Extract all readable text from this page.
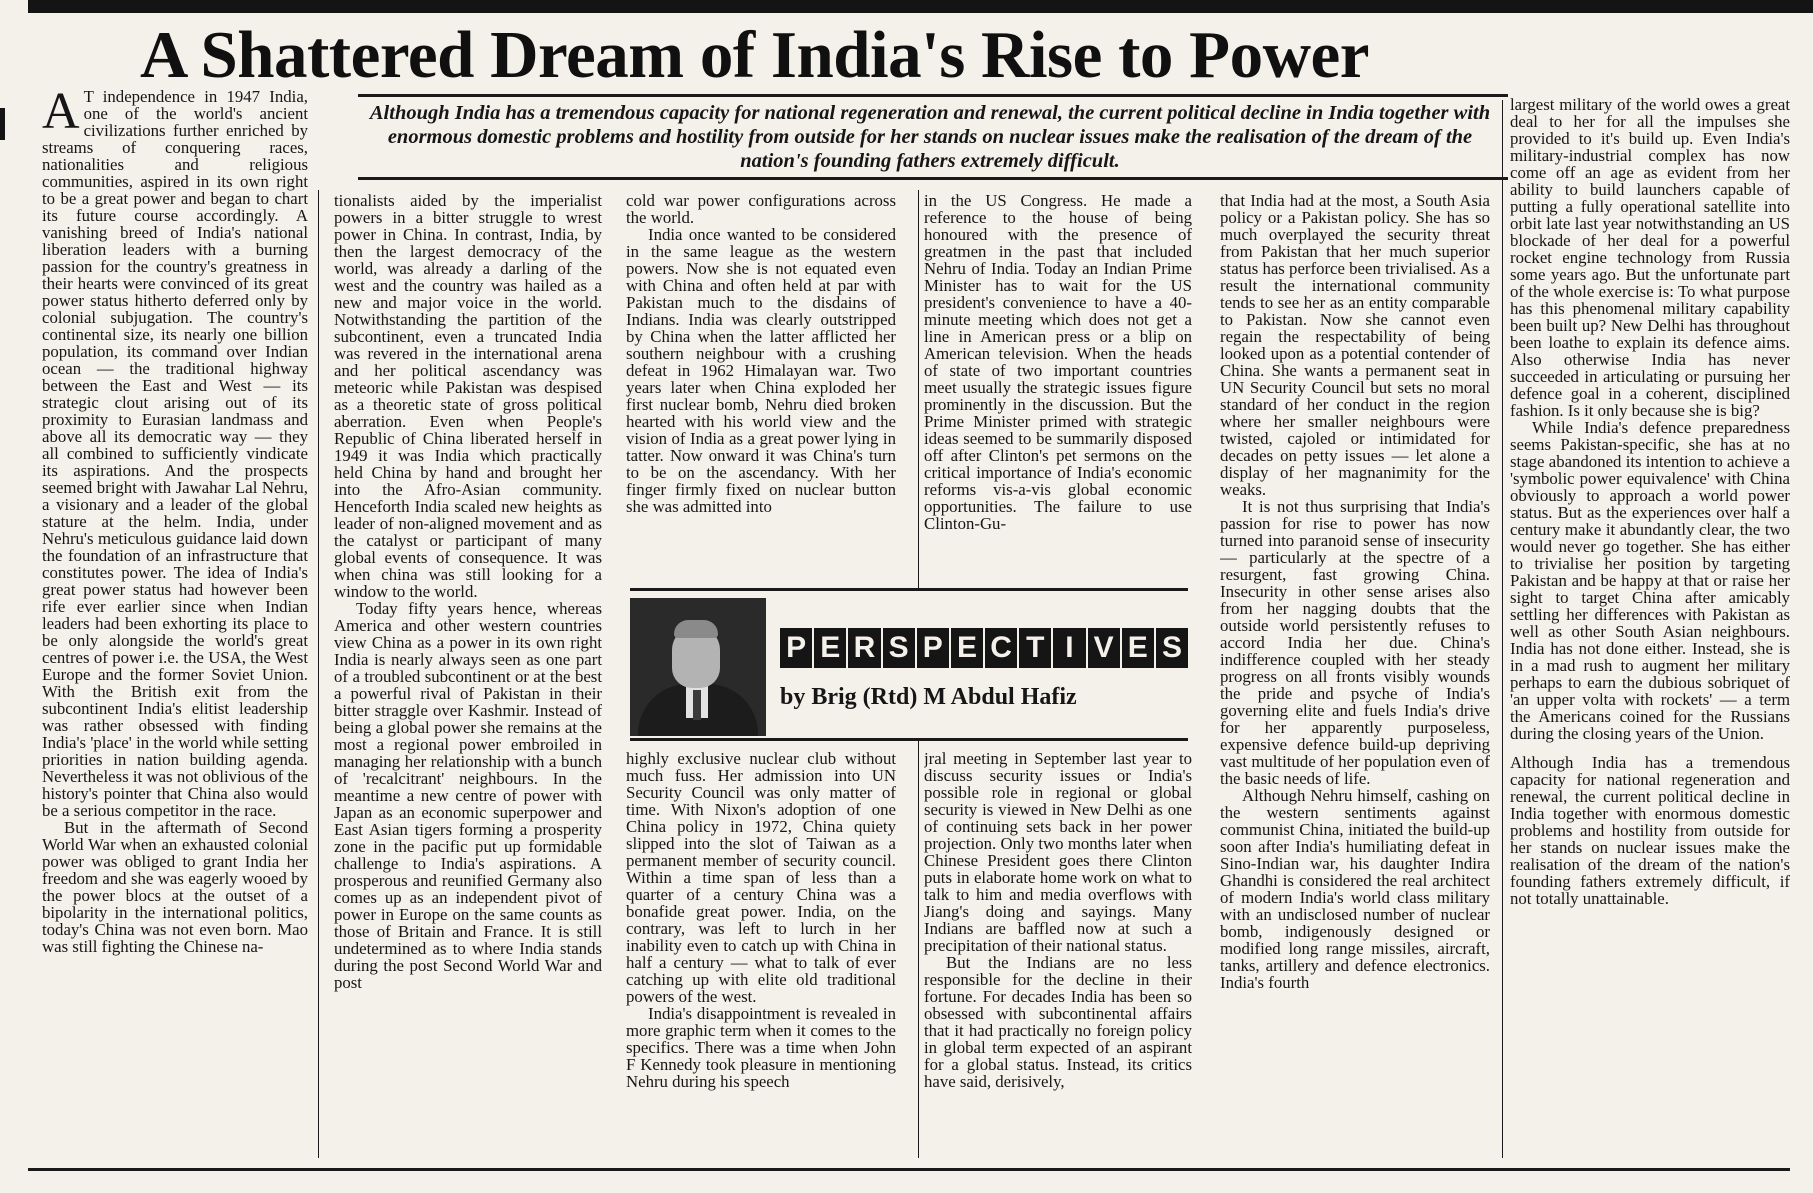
A Shattered Dream of India's Rise to Power

Although India has a tremendous capacity for national regeneration and renewal, the current political decline in India together with enormous domestic problems and hostility from outside for her stands on nuclear issues make the realisation of the dream of the nation's founding fathers extremely difficult.

A T independence in 1947 India, one of the world's ancient civilizations further enriched by streams of conquering races, nationalities and religious communities, aspired in its own right to be a great power and began to chart its future course accordingly. A vanishing breed of India's national liberation leaders with a burning passion for the country's greatness in their hearts were convinced of its great power status hitherto deferred only by colonial subjugation. The country's continental size, its nearly one billion population, its command over Indian ocean — the traditional highway between the East and West — its strategic clout arising out of its proximity to Eurasian landmass and above all its democratic way — they all combined to sufficiently vindicate its aspirations. And the prospects seemed bright with Jawahar Lal Nehru, a visionary and a leader of the global stature at the helm. India, under Nehru's meticulous guidance laid down the foundation of an infrastructure that constitutes power. The idea of India's great power status had however been rife ever earlier since when Indian leaders had been exhorting its place to be only alongside the world's great centres of power i.e. the USA, the West Europe and the former Soviet Union. With the British exit from the subcontinent India's elitist leadership was rather obsessed with finding India's 'place' in the world while setting priorities in nation building agenda. Nevertheless it was not oblivious of the history's pointer that China also would be a serious competitor in the race.

But in the aftermath of Second World War when an exhausted colonial power was obliged to grant India her freedom and she was eagerly wooed by the power blocs at the outset of a bipolarity in the international politics, today's China was not even born. Mao was still fighting the Chinese na-

tionalists aided by the imperialist powers in a bitter struggle to wrest power in China. In contrast, India, by then the largest democracy of the world, was already a darling of the west and the country was hailed as a new and major voice in the world. Notwithstanding the partition of the subcontinent, even a truncated India was revered in the international arena and her political ascendancy was meteoric while Pakistan was despised as a theoretic state of gross political aberration. Even when People's Republic of China liberated herself in 1949 it was India which practically held China by hand and brought her into the Afro-Asian community. Henceforth India scaled new heights as leader of non-aligned movement and as the catalyst or participant of many global events of consequence. It was when china was still looking for a window to the world.

Today fifty years hence, whereas America and other western countries view China as a power in its own right India is nearly always seen as one part of a troubled subcontinent or at the best a powerful rival of Pakistan in their bitter straggle over Kashmir. Instead of being a global power she remains at the most a regional power embroiled in managing her relationship with a bunch of 'recalcitrant' neighbours. In the meantime a new centre of power with Japan as an economic superpower and East Asian tigers forming a prosperity zone in the pacific put up formidable challenge to India's aspirations. A prosperous and reunified Germany also comes up as an independent pivot of power in Europe on the same counts as those of Britain and France. It is still undetermined as to where India stands during the post Second World War and post

cold war power configurations across the world.

India once wanted to be considered in the same league as the western powers. Now she is not equated even with China and often held at par with Pakistan much to the disdains of Indians. India was clearly outstripped by China when the latter afflicted her southern neighbour with a crushing defeat in 1962 Himalayan war. Two years later when China exploded her first nuclear bomb, Nehru died broken hearted with his world view and the vision of India as a great power lying in tatter. Now onward it was China's turn to be on the ascendancy. With her finger firmly fixed on nuclear button she was admitted into

in the US Congress. He made a reference to the house of being honoured with the presence of greatmen in the past that included Nehru of India. Today an Indian Prime Minister has to wait for the US president's convenience to have a 40-minute meeting which does not get a line in American press or a blip on American television. When the heads of state of two important countries meet usually the strategic issues figure prominently in the discussion. But the Prime Minister primed with strategic ideas seemed to be summarily disposed off after Clinton's pet sermons on the critical importance of India's economic reforms vis-a-vis global economic opportunities. The failure to use Clinton-Gu-

P E R S P E C T I V E S

by Brig (Rtd) M Abdul Hafiz

highly exclusive nuclear club without much fuss. Her admission into UN Security Council was only matter of time. With Nixon's adoption of one China policy in 1972, China quiety slipped into the slot of Taiwan as a permanent member of security council. Within a time span of less than a quarter of a century China was a bonafide great power. India, on the contrary, was left to lurch in her inability even to catch up with China in half a century — what to talk of ever catching up with elite old traditional powers of the west.

India's disappointment is revealed in more graphic term when it comes to the specifics. There was a time when John F Kennedy took pleasure in mentioning Nehru during his speech

jral meeting in September last year to discuss security issues or India's possible role in regional or global security is viewed in New Delhi as one of continuing sets back in her power projection. Only two months later when Chinese President goes there Clinton puts in elaborate home work on what to talk to him and media overflows with Jiang's doing and sayings. Many Indians are baffled now at such a precipitation of their national status.

But the Indians are no less responsible for the decline in their fortune. For decades India has been so obsessed with subcontinental affairs that it had practically no foreign policy in global term expected of an aspirant for a global status. Instead, its critics have said, derisively,

that India had at the most, a South Asia policy or a Pakistan policy. She has so much overplayed the security threat from Pakistan that her much superior status has perforce been trivialised. As a result the international community tends to see her as an entity comparable to Pakistan. Now she cannot even regain the respectability of being looked upon as a potential contender of China. She wants a permanent seat in UN Security Council but sets no moral standard of her conduct in the region where her smaller neighbours were twisted, cajoled or intimidated for decades on petty issues — let alone a display of her magnanimity for the weaks.

It is not thus surprising that India's passion for rise to power has now turned into paranoid sense of insecurity — particularly at the spectre of a resurgent, fast growing China. Insecurity in other sense arises also from her nagging doubts that the outside world persistently refuses to accord India her due. China's indifference coupled with her steady progress on all fronts visibly wounds the pride and psyche of India's governing elite and fuels India's drive for her apparently purposeless, expensive defence build-up depriving vast multitude of her population even of the basic needs of life.

Although Nehru himself, cashing on the western sentiments against communist China, initiated the build-up soon after India's humiliating defeat in Sino-Indian war, his daughter Indira Ghandhi is considered the real architect of modern India's world class military with an undisclosed number of nuclear bomb, indigenously designed or modified long range missiles, aircraft, tanks, artillery and defence electronics. India's fourth

largest military of the world owes a great deal to her for all the impulses she provided to it's build up. Even India's military-industrial complex has now come off an age as evident from her ability to build launchers capable of putting a fully operational satellite into orbit late last year notwithstanding an US blockade of her deal for a powerful rocket engine technology from Russia some years ago. But the unfortunate part of the whole exercise is: To what purpose has this phenomenal military capability been built up? New Delhi has throughout been loathe to explain its defence aims. Also otherwise India has never succeeded in articulating or pursuing her defence goal in a coherent, disciplined fashion. Is it only because she is big?

While India's defence preparedness seems Pakistan-specific, she has at no stage abandoned its intention to achieve a 'symbolic power equivalence' with China obviously to approach a world power status. But as the experiences over half a century make it abundantly clear, the two would never go together. She has either to trivialise her position by targeting Pakistan and be happy at that or raise her sight to target China after amicably settling her differences with Pakistan as well as other South Asian neighbours. India has not done either. Instead, she is in a mad rush to augment her military perhaps to earn the dubious sobriquet of 'an upper volta with rockets' — a term the Americans coined for the Russians during the closing years of the Union.

Although India has a tremendous capacity for national regeneration and renewal, the current political decline in India together with enormous domestic problems and hostility from outside for her stands on nuclear issues make the realisation of the dream of the nation's founding fathers extremely difficult, if not totally unattainable.
